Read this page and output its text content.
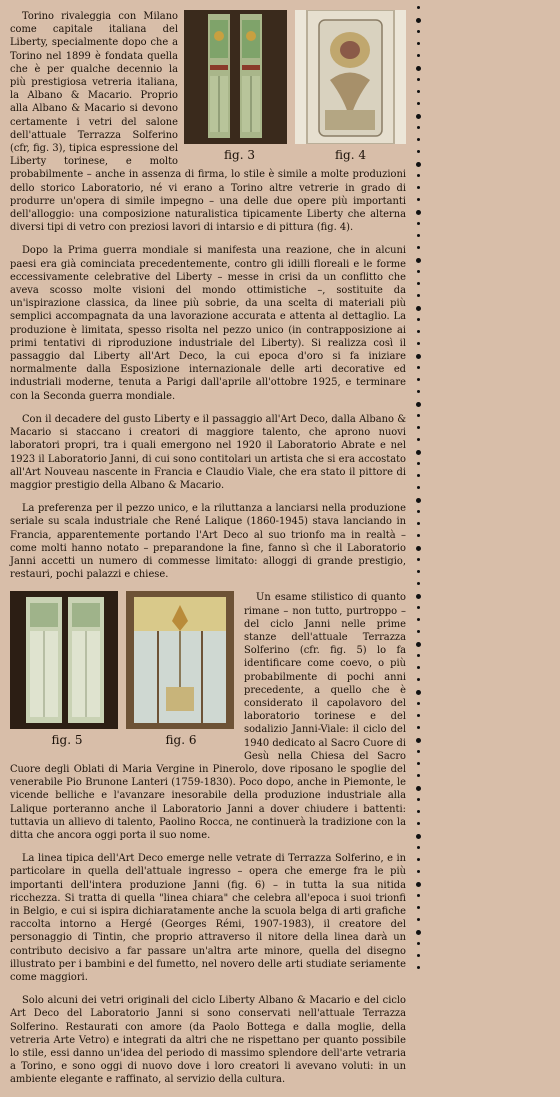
fig. 3	fig. 4

Torino rivaleggia con Milano come capitale italiana del Liberty, specialmente dopo che a Torino nel 1899 è fondata quella che è per qualche decennio la più prestigiosa vetreria italiana, la Albano & Macario. Proprio alla Albano & Macario si devono certamente i vetri del salone dell'attuale Terrazza Solferino (cfr, fig. 3), tipica espressione del Liberty torinese, e molto probabilmente – anche in assenza di firma, lo stile è simile a molte produzioni dello storico Laboratorio, né vi erano a Torino altre vetrerie in grado di produrre un'opera di simile impegno – una delle due opere più importanti dell'alloggio: una composizione naturalistica tipicamente Liberty che alterna diversi tipi di vetro con preziosi lavori di intarsio e di pittura (fig. 4).

Dopo la Prima guerra mondiale si manifesta una reazione, che in alcuni paesi era già cominciata precedentemente, contro gli idilli floreali e le forme eccessivamente celebrative del Liberty – messe in crisi da un conflitto che aveva scosso molte visioni del mondo ottimistiche –, sostituite da un'ispirazione classica, da linee più sobrie, da una scelta di materiali più semplici accompagnata da una lavorazione accurata e attenta al dettaglio. La produzione è limitata, spesso risolta nel pezzo unico (in contrapposizione ai primi tentativi di riproduzione industriale del Liberty). Si realizza così il passaggio dal Liberty all'Art Deco, la cui epoca d'oro si fa iniziare normalmente dalla Esposizione internazionale delle arti decorative ed industriali moderne, tenuta a Parigi dall'aprile all'ottobre 1925, e terminare con la Seconda guerra mondiale.

Con il decadere del gusto Liberty e il passaggio all'Art Deco, dalla Albano & Macario si staccano i creatori di maggiore talento, che aprono nuovi laboratori propri, tra i quali emergono nel 1920 il Laboratorio Abrate e nel 1923 il Laboratorio Janni, di cui sono contitolari un artista che si era accostato all'Art Nouveau nascente in Francia e Claudio Viale, che era stato il pittore di maggior prestigio della Albano & Macario.

La preferenza per il pezzo unico, e la riluttanza a lanciarsi nella produzione seriale su scala industriale che René Lalique (1860-1945) stava lanciando in Francia, apparentemente portando l'Art Deco al suo trionfo ma in realtà – come molti hanno notato – preparandone la fine, fanno sì che il Laboratorio Janni accetti un numero di commesse limitato: alloggi di grande prestigio, restauri, pochi palazzi e chiese.

fig. 5	fig. 6

Un esame stilistico di quanto rimane – non tutto, purtroppo – del ciclo Janni nelle prime stanze dell'attuale Terrazza Solferino (cfr. fig. 5) lo fa identificare come coevo, o più probabilmente di pochi anni precedente, a quello che è considerato il capolavoro del laboratorio torinese e del sodalizio Janni-Viale: il ciclo del 1940 dedicato al Sacro Cuore di Gesù nella Chiesa del Sacro Cuore degli Oblati di Maria Vergine in Pinerolo, dove riposano le spoglie del venerabile Pio Brunone Lanteri (1759-1830). Poco dopo, anche in Piemonte, le vicende belliche e l'avanzare inesorabile della produzione industriale alla Lalique porteranno anche il Laboratorio Janni a dover chiudere i battenti: tuttavia un allievo di talento, Paolino Rocca, ne continuerà la tradizione con la ditta che ancora oggi porta il suo nome.

La linea tipica dell'Art Deco emerge nelle vetrate di Terrazza Solferino, e in particolare in quella dell'attuale ingresso – opera che emerge fra le più importanti dell'intera produzione Janni (fig. 6) – in tutta la sua nitida ricchezza. Si tratta di quella "linea chiara" che celebra all'epoca i suoi trionfi in Belgio, e cui si ispira dichiaratamente anche la scuola belga di arti grafiche raccolta intorno a Hergé (Georges Rémi, 1907-1983), il creatore del personaggio di Tintin, che proprio attraverso il nitore della linea darà un contributo decisivo a far passare un'altra arte minore, quella del disegno illustrato per i bambini e del fumetto, nel novero delle arti studiate seriamente come maggiori.

Solo alcuni dei vetri originali del ciclo Liberty Albano & Macario e del ciclo Art Deco del Laboratorio Janni si sono conservati nell'attuale Terrazza Solferino. Restaurati con amore (da Paolo Bottega e dalla moglie, della vetreria Arte Vetro) e integrati da altri che ne rispettano per quanto possibile lo stile, essi danno un'idea del periodo di massimo splendore dell'arte vetraria a Torino, e sono oggi di nuovo dove i loro creatori li avevano voluti: in un ambiente elegante e raffinato, al servizio della cultura.
